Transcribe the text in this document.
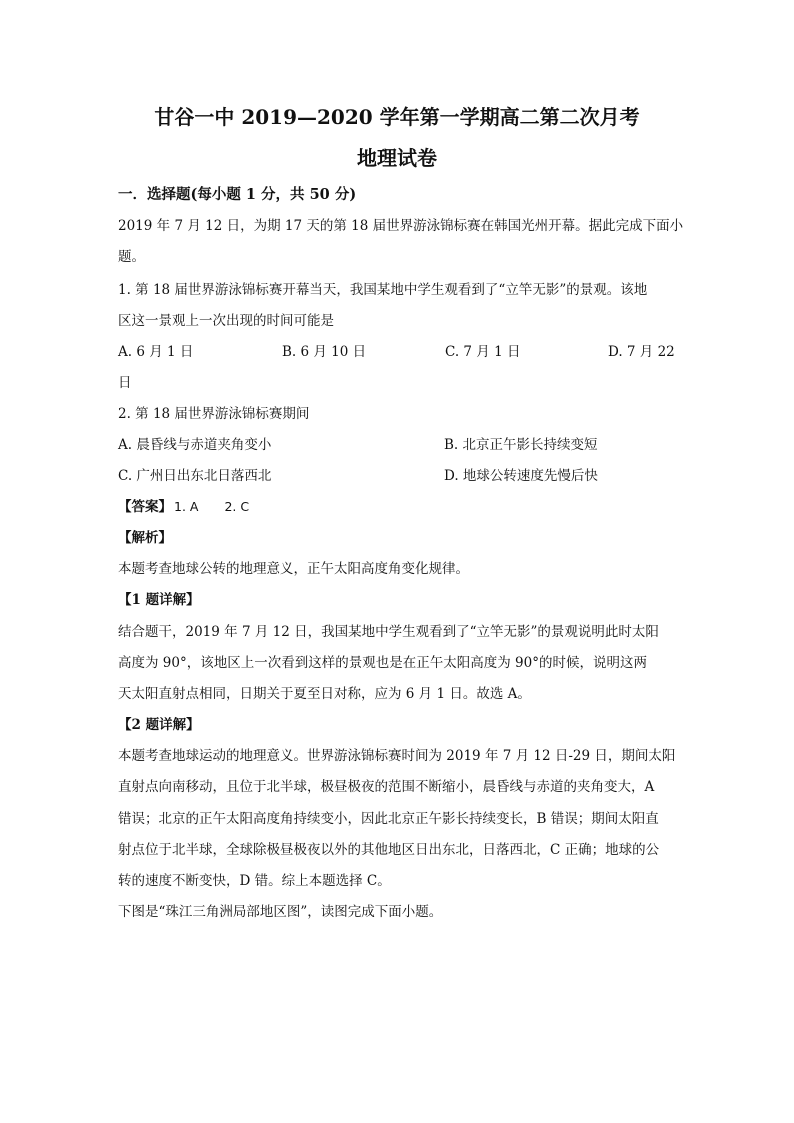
甘谷一中 2019—2020 学年第一学期高二第二次月考
地理试卷
一．选择题(每小题 1 分，共 50 分)
2019 年 7 月 12 日，为期 17 天的第 18 届世界游泳锦标赛在韩国光州开幕。据此完成下面小
题。
1. 第 18 届世界游泳锦标赛开幕当天，我国某地中学生观看到了“立竿无影”的景观。该地
区这一景观上一次出现的时间可能是
A. 6 月 1 日	B. 6 月 10 日	C. 7 月 1 日	D. 7 月 22
日
2. 第 18 届世界游泳锦标赛期间
A. 晨昏线与赤道夹角变小	B. 北京正午影长持续变短
C. 广州日出东北日落西北	D. 地球公转速度先慢后快
【答案】 1. A 2. C
【解析】
本题考查地球公转的地理意义，正午太阳高度角变化规律。
【1 题详解】
结合题干，2019 年 7 月 12 日，我国某地中学生观看到了“立竿无影”的景观说明此时太阳
高度为 90°，该地区上一次看到这样的景观也是在正午太阳高度为 90°的时候，说明这两
天太阳直射点相同，日期关于夏至日对称，应为 6 月 1 日。故选 A。
【2 题详解】
本题考查地球运动的地理意义。世界游泳锦标赛时间为 2019 年 7 月 12 日-29 日，期间太阳
直射点向南移动，且位于北半球，极昼极夜的范围不断缩小，晨昏线与赤道的夹角变大，A
错误；北京的正午太阳高度角持续变小，因此北京正午影长持续变长，B 错误；期间太阳直
射点位于北半球，全球除极昼极夜以外的其他地区日出东北，日落西北，C 正确；地球的公
转的速度不断变快，D 错。综上本题选择 C。
下图是“珠江三角洲局部地区图”，读图完成下面小题。
